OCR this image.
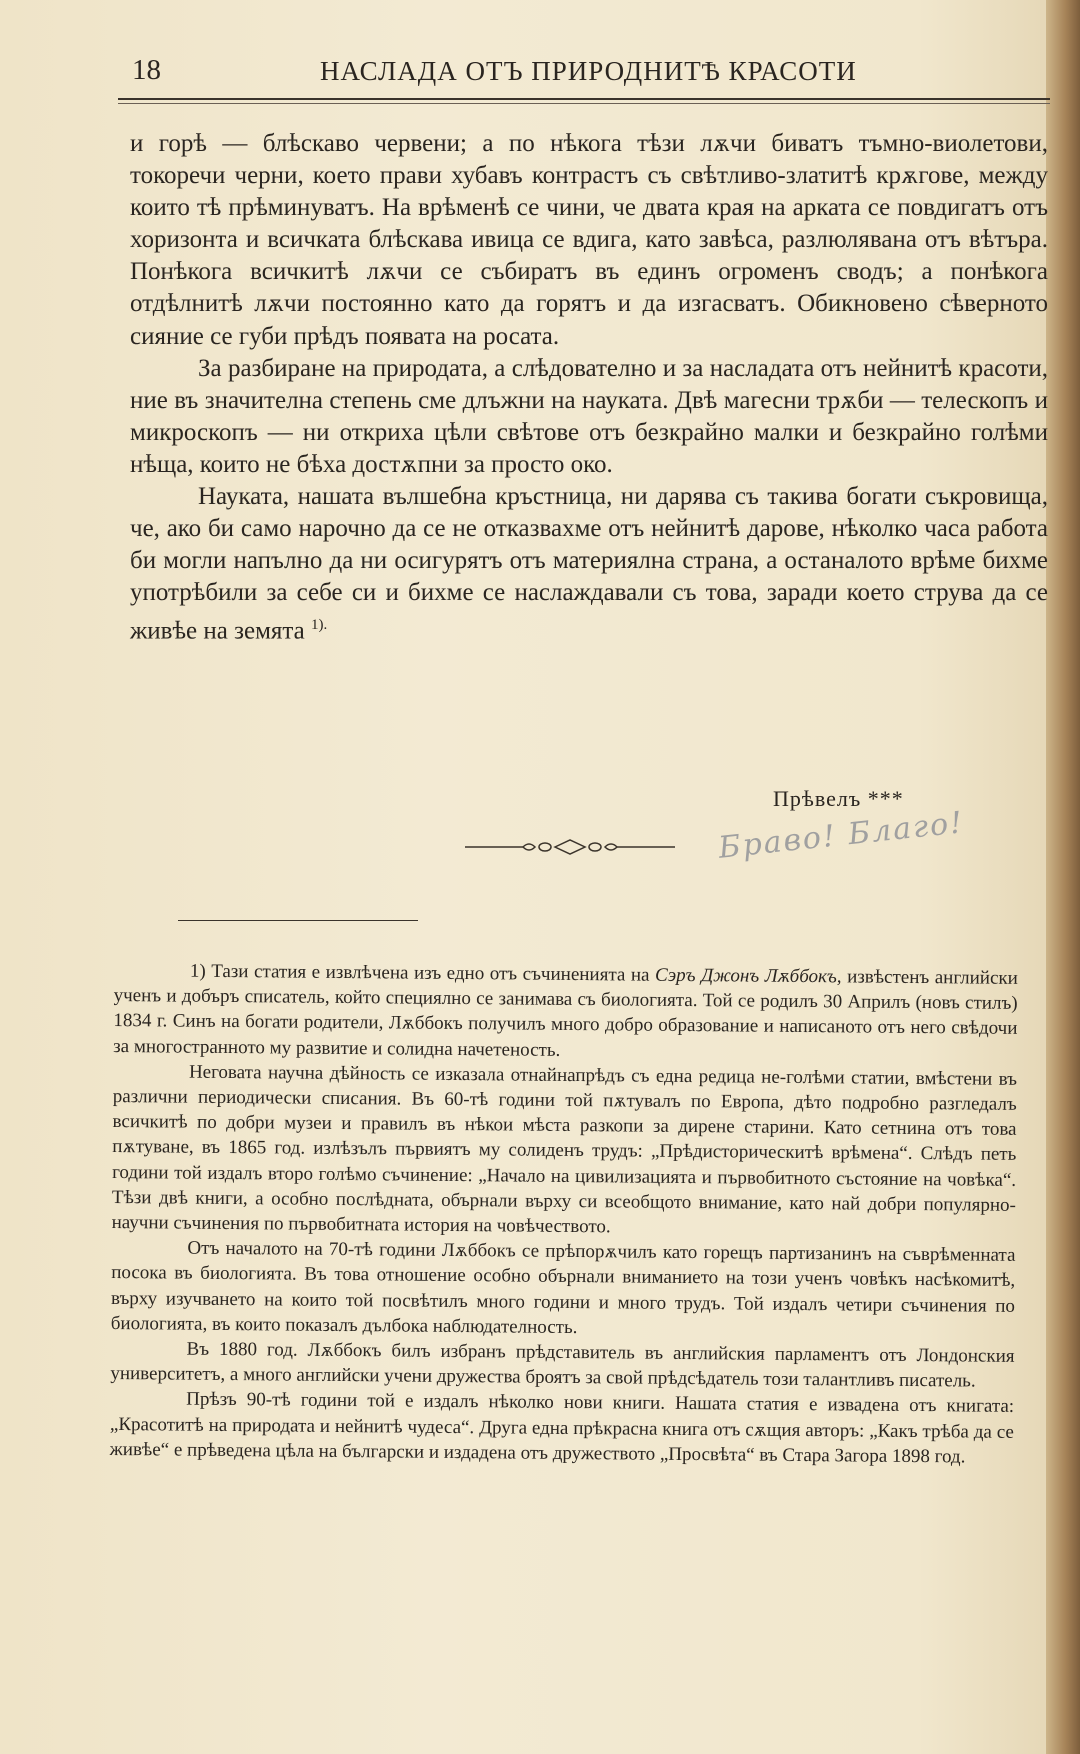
18	НАСЛАДА ОТЪ ПРИРОДНИТѢ КРАСОТИ

и горѣ — блѣскаво червени; а по нѣкога тѣзи лѫчи биватъ тъмно-виолетови, токоречи черни, което прави хубавъ контрастъ съ свѣтливо-златитѣ крѫгове, между които тѣ прѣминуватъ. На врѣменѣ се чини, че двата края на арката се повдигатъ отъ хоризонта и всичката блѣскава ивица се вдига, като завѣса, разлюлявана отъ вѣтъра. Понѣкога всичкитѣ лѫчи се събиратъ въ единъ огроменъ сводъ; а понѣкога отдѣлнитѣ лѫчи постоянно като да горятъ и да изгасватъ. Обикновено сѣверното сияние се губи прѣдъ появата на росата.

За разбиране на природата, а слѣдователно и за насладата отъ нейнитѣ красоти, ние въ значителна степень сме длъжни на науката. Двѣ магесни трѫби — телескопъ и микроскопъ — ни откриха цѣли свѣтове отъ безкрайно малки и безкрайно голѣми нѣща, които не бѣха достѫпни за просто око.

Науката, нашата вълшебна кръстница, ни дарява съ такива богати съкровища, че, ако би само нарочно да се не отказвахме отъ нейнитѣ дарове, нѣколко часа работа би могли напълно да ни осигурятъ отъ материялна страна, а останалото врѣме бихме употрѣбили за себе си и бихме се наслаждавали съ това, заради което струва да се живѣе на земята $^{1).}$

Прѣвелъ ***
Браво! Благо!

1) Тази статия е извлѣчена изъ едно отъ съчиненията на Сэръ Джонъ Лѫббокъ, извѣстенъ английски ученъ и добъръ списатель, който специялно се занимава съ биологията. Той се родилъ 30 Априлъ (новъ стилъ) 1834 г. Синъ на богати родители, Лѫббокъ получилъ много добро образование и написаното отъ него свѣдочи за многостранното му развитие и солидна начетеность.

Неговата научна дѣйность се изказала отнайнапрѣдъ съ една редица не-голѣми статии, вмѣстени въ различни периодически списания. Въ 60-тѣ години той пѫтувалъ по Европа, дѣто подробно разгледалъ всичкитѣ по добри музеи и правилъ въ нѣкои мѣста разкопи за дирене старини. Като сетнина отъ това пѫтуване, въ 1865 год. излѣзълъ първиятъ му солиденъ трудъ: „Прѣдисторическитѣ врѣмена“. Слѣдъ петь години той издалъ второ голѣмо съчинение: „Начало на цивилизацията и първобитното състояние на човѣка“. Тѣзи двѣ книги, а особно послѣдната, обърнали върху си всеобщото внимание, като най добри популярно-научни съчинения по първобитната история на човѣчеството.

Отъ началото на 70-тѣ години Лѫббокъ се прѣпорѫчилъ като горещъ партизанинъ на съврѣменната посока въ биологията. Въ това отношение особно обърнали вниманието на този ученъ човѣкъ насѣкомитѣ, върху изучването на които той посвѣтилъ много години и много трудъ. Той издалъ четири съчинения по биологията, въ които показалъ дълбока наблюдателность.

Въ 1880 год. Лѫббокъ билъ избранъ прѣдставитель въ английския парламентъ отъ Лондонския университетъ, а много английски учени дружества броятъ за свой прѣдсѣдатель този талантливъ писатель.

Прѣзъ 90-тѣ години той е издалъ нѣколко нови книги. Нашата статия е извадена отъ книгата: „Красотитѣ на природата и нейнитѣ чудеса“. Друга една прѣкрасна книга отъ сѫщия авторъ: „Какъ трѣба да се живѣе“ е прѣведена цѣла на български и издадена отъ дружеството „Просвѣта“ въ Стара Загора 1898 год.
